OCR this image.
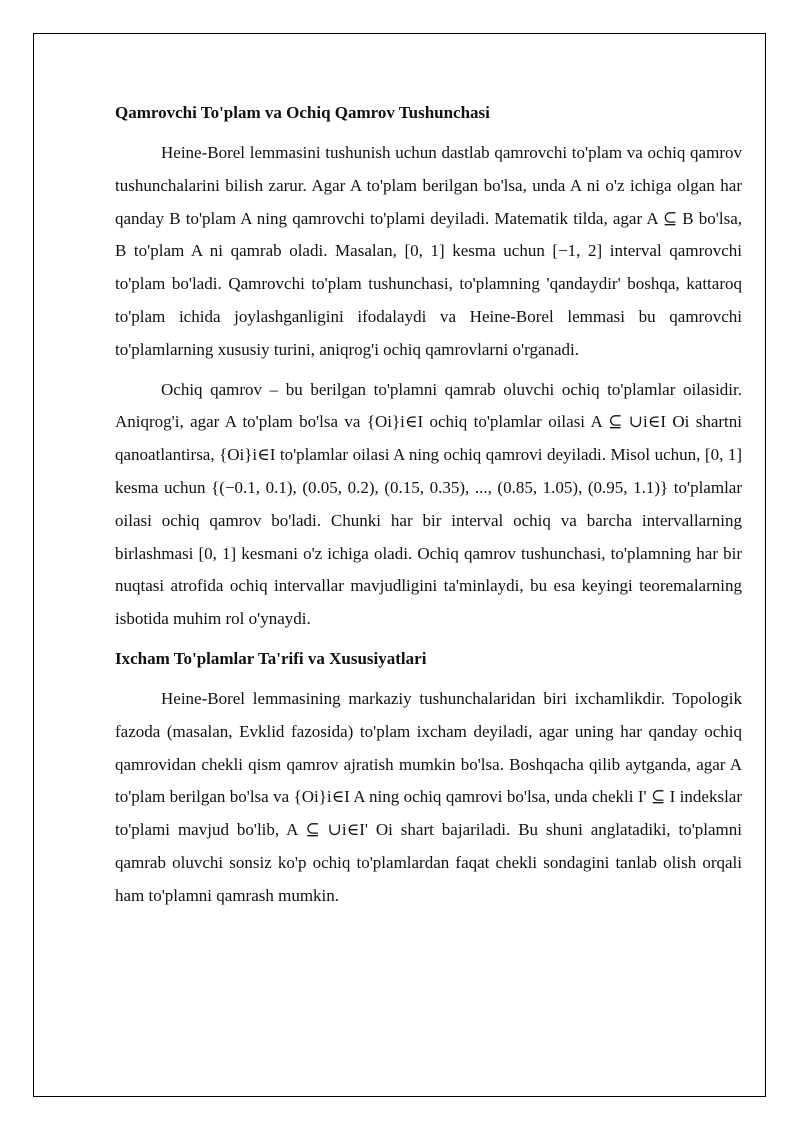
Qamrovchi To'plam va Ochiq Qamrov Tushunchasi

Heine-Borel lemmasini tushunish uchun dastlab qamrovchi to'plam va ochiq qamrov tushunchalarini bilish zarur. Agar A to'plam berilgan bo'lsa, unda A ni o'z ichiga olgan har qanday B to'plam A ning qamrovchi to'plami deyiladi. Matematik tilda, agar A ⊆ B bo'lsa, B to'plam A ni qamrab oladi. Masalan, [0, 1] kesma uchun [−1, 2] interval qamrovchi to'plam bo'ladi. Qamrovchi to'plam tushunchasi, to'plamning 'qandaydir' boshqa, kattaroq to'plam ichida joylashganligini ifodalaydi va Heine-Borel lemmasi bu qamrovchi to'plamlarning xususiy turini, aniqrog'i ochiq qamrovlarni o'rganadi.

Ochiq qamrov – bu berilgan to'plamni qamrab oluvchi ochiq to'plamlar oilasidir. Aniqrog'i, agar A to'plam bo'lsa va {Oi}i∈I ochiq to'plamlar oilasi A ⊆ ∪i∈I Oi shartni qanoatlantirsa, {Oi}i∈I to'plamlar oilasi A ning ochiq qamrovi deyiladi. Misol uchun, [0, 1] kesma uchun {(−0.1, 0.1), (0.05, 0.2), (0.15, 0.35), ..., (0.85, 1.05), (0.95, 1.1)} to'plamlar oilasi ochiq qamrov bo'ladi. Chunki har bir interval ochiq va barcha intervallarning birlashmasi [0, 1] kesmani o'z ichiga oladi. Ochiq qamrov tushunchasi, to'plamning har bir nuqtasi atrofida ochiq intervallar mavjudligini ta'minlaydi, bu esa keyingi teoremalarning isbotida muhim rol o'ynaydi.

Ixcham To'plamlar Ta'rifi va Xususiyatlari

Heine-Borel lemmasining markaziy tushunchalaridan biri ixchamlikdir. Topologik fazoda (masalan, Evklid fazosida) to'plam ixcham deyiladi, agar uning har qanday ochiq qamrovidan chekli qism qamrov ajratish mumkin bo'lsa. Boshqacha qilib aytganda, agar A to'plam berilgan bo'lsa va {Oi}i∈I A ning ochiq qamrovi bo'lsa, unda chekli I' ⊆ I indekslar to'plami mavjud bo'lib, A ⊆ ∪i∈I' Oi shart bajariladi. Bu shuni anglatadiki, to'plamni qamrab oluvchi sonsiz ko'p ochiq to'plamlardan faqat chekli sondagini tanlab olish orqali ham to'plamni qamrash mumkin.
